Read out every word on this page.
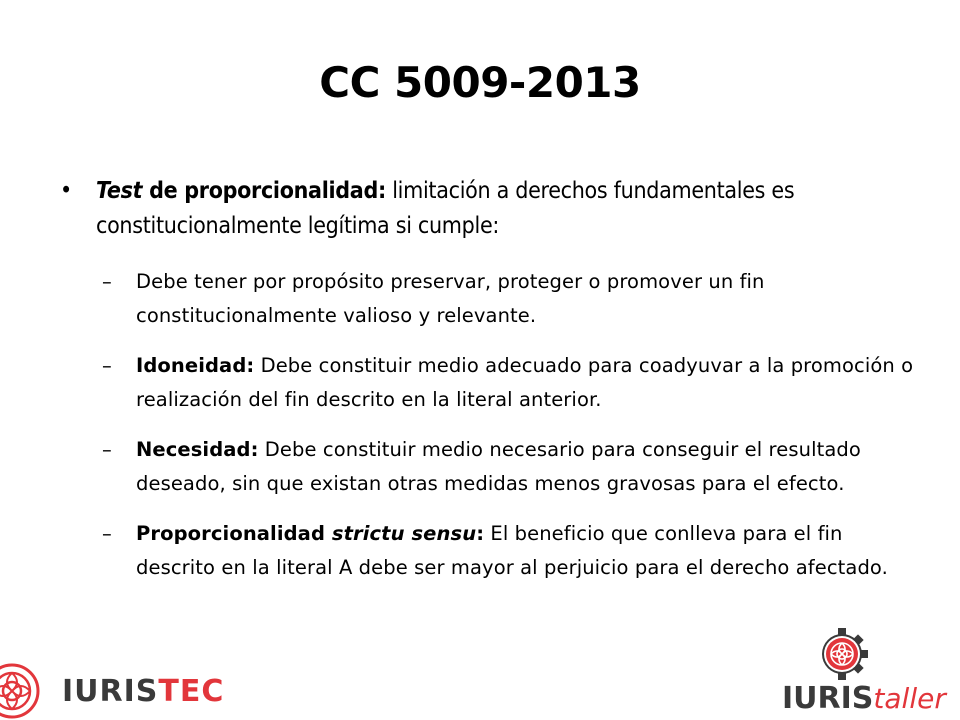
CC 5009-2013
• Test de proporcionalidad: limitación a derechos fundamentales es constitucionalmente legítima si cumple:
– Debe tener por propósito preservar, proteger o promover un fin constitucionalmente valioso y relevante.
– Idoneidad: Debe constituir medio adecuado para coadyuvar a la promoción o realización del fin descrito en la literal anterior.
– Necesidad: Debe constituir medio necesario para conseguir el resultado deseado, sin que existan otras medidas menos gravosas para el efecto.
– Proporcionalidad strictu sensu: El beneficio que conlleva para el fin descrito en la literal A debe ser mayor al perjuicio para el derecho afectado.
IURISTEC	IURIStaller
